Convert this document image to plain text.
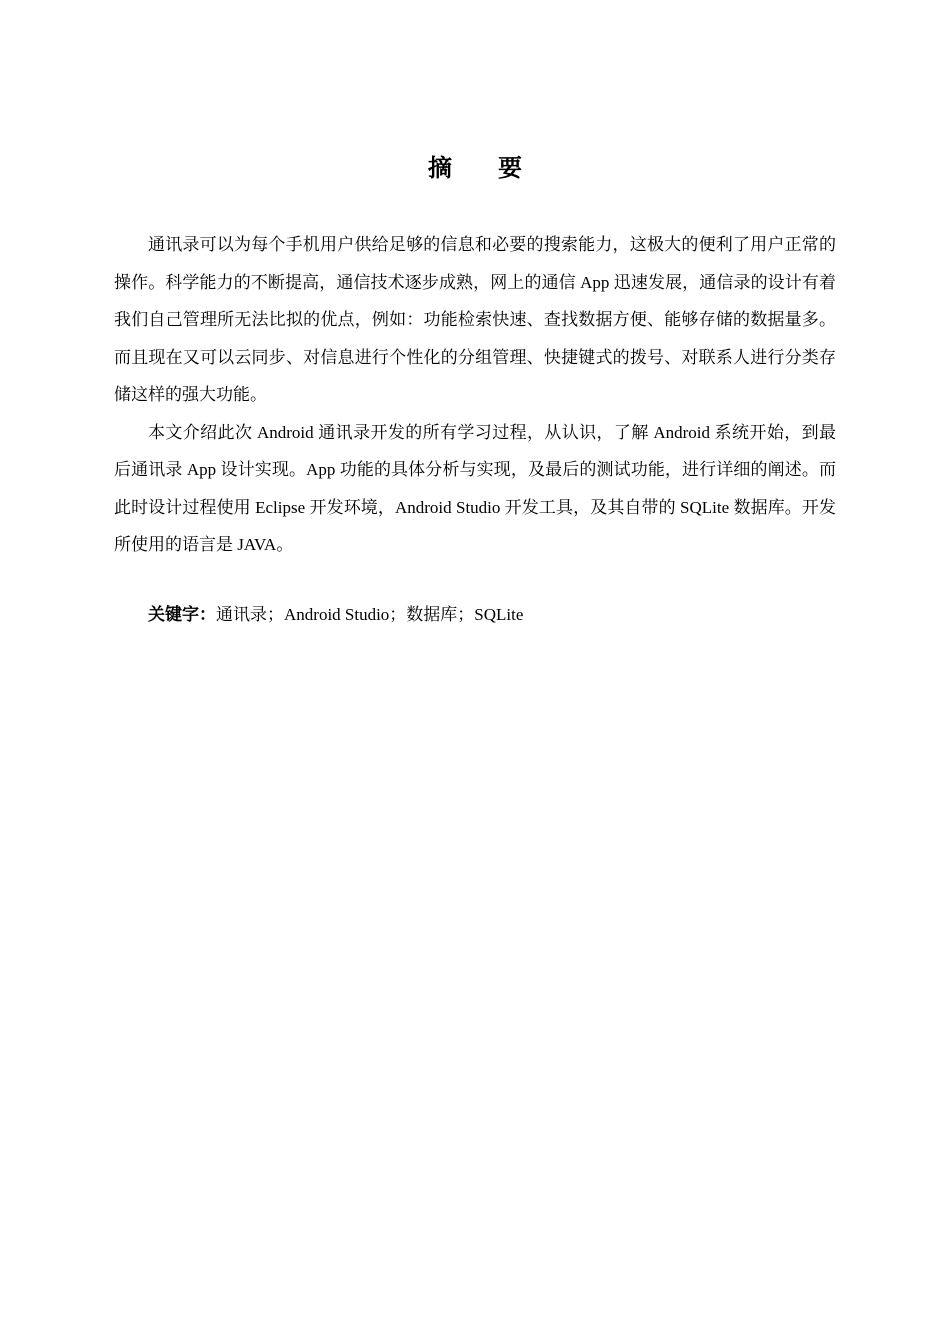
摘 要

通讯录可以为每个手机用户供给足够的信息和必要的搜索能力，这极大的便利了用户正常的操作。科学能力的不断提高，通信技术逐步成熟，网上的通信 App 迅速发展，通信录的设计有着我们自己管理所无法比拟的优点，例如：功能检索快速、查找数据方便、能够存储的数据量多。而且现在又可以云同步、对信息进行个性化的分组管理、快捷键式的拨号、对联系人进行分类存储这样的强大功能。

本文介绍此次 Android 通讯录开发的所有学习过程，从认识，了解 Android 系统开始，到最后通讯录 App 设计实现。App 功能的具体分析与实现，及最后的测试功能，进行详细的阐述。而此时设计过程使用 Eclipse 开发环境，Android Studio 开发工具，及其自带的 SQLite 数据库。开发所使用的语言是 JAVA。

关键字：通讯录；Android Studio；数据库；SQLite
